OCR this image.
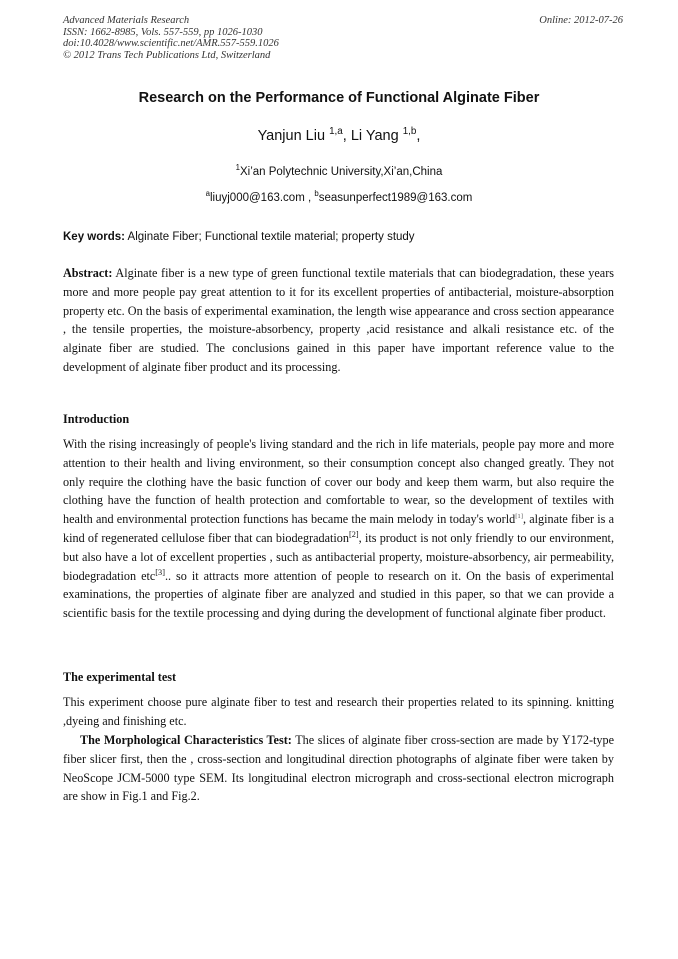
Advanced Materials Research
ISSN: 1662-8985, Vols. 557-559, pp 1026-1030
doi:10.4028/www.scientific.net/AMR.557-559.1026
© 2012 Trans Tech Publications Ltd, Switzerland
Online: 2012-07-26
Research on the Performance of Functional Alginate Fiber
Yanjun Liu $^{1,a}$, Li Yang $^{1,b}$,
$^1$Xi’an Polytechnic University,Xi’an,China
$^a$liuyj000@163.com , $^b$seasunperfect1989@163.com
Key words: Alginate Fiber; Functional textile material; property study

Abstract: Alginate fiber is a new type of green functional textile materials that can biodegradation, these years more and more people pay great attention to it for its excellent properties of antibacterial, moisture-absorption property etc. On the basis of experimental examination, the length wise appearance and cross section appearance , the tensile properties, the moisture-absorbency, property ,acid resistance and alkali resistance etc. of the alginate fiber are studied. The conclusions gained in this paper have important reference value to the development of alginate fiber product and its processing.

Introduction

With the rising increasingly of people's living standard and the rich in life materials, people pay more and more attention to their health and living environment, so their consumption concept also changed greatly. They not only require the clothing have the basic function of cover our body and keep them warm, but also require the clothing have the function of health protection and comfortable to wear, so the development of textiles with health and environmental protection functions has became the main melody in today's world[1], alginate fiber is a kind of regenerated cellulose fiber that can biodegradation[2], its product is not only friendly to our environment, but also have a lot of excellent properties , such as antibacterial property, moisture-absorbency, air permeability, biodegradation etc[3].. so it attracts more attention of people to research on it. On the basis of experimental examinations, the properties of alginate fiber are analyzed and studied in this paper, so that we can provide a scientific basis for the textile processing and dying during the development of functional alginate fiber product.

The experimental test

This experiment choose pure alginate fiber to test and research their properties related to its spinning. knitting ,dyeing and finishing etc.

The Morphological Characteristics Test: The slices of alginate fiber cross-section are made by Y172-type fiber slicer first, then the , cross-section and longitudinal direction photographs of alginate fiber were taken by NeoScope JCM-5000 type SEM. Its longitudinal electron micrograph and cross-sectional electron micrograph are show in Fig.1 and Fig.2.
